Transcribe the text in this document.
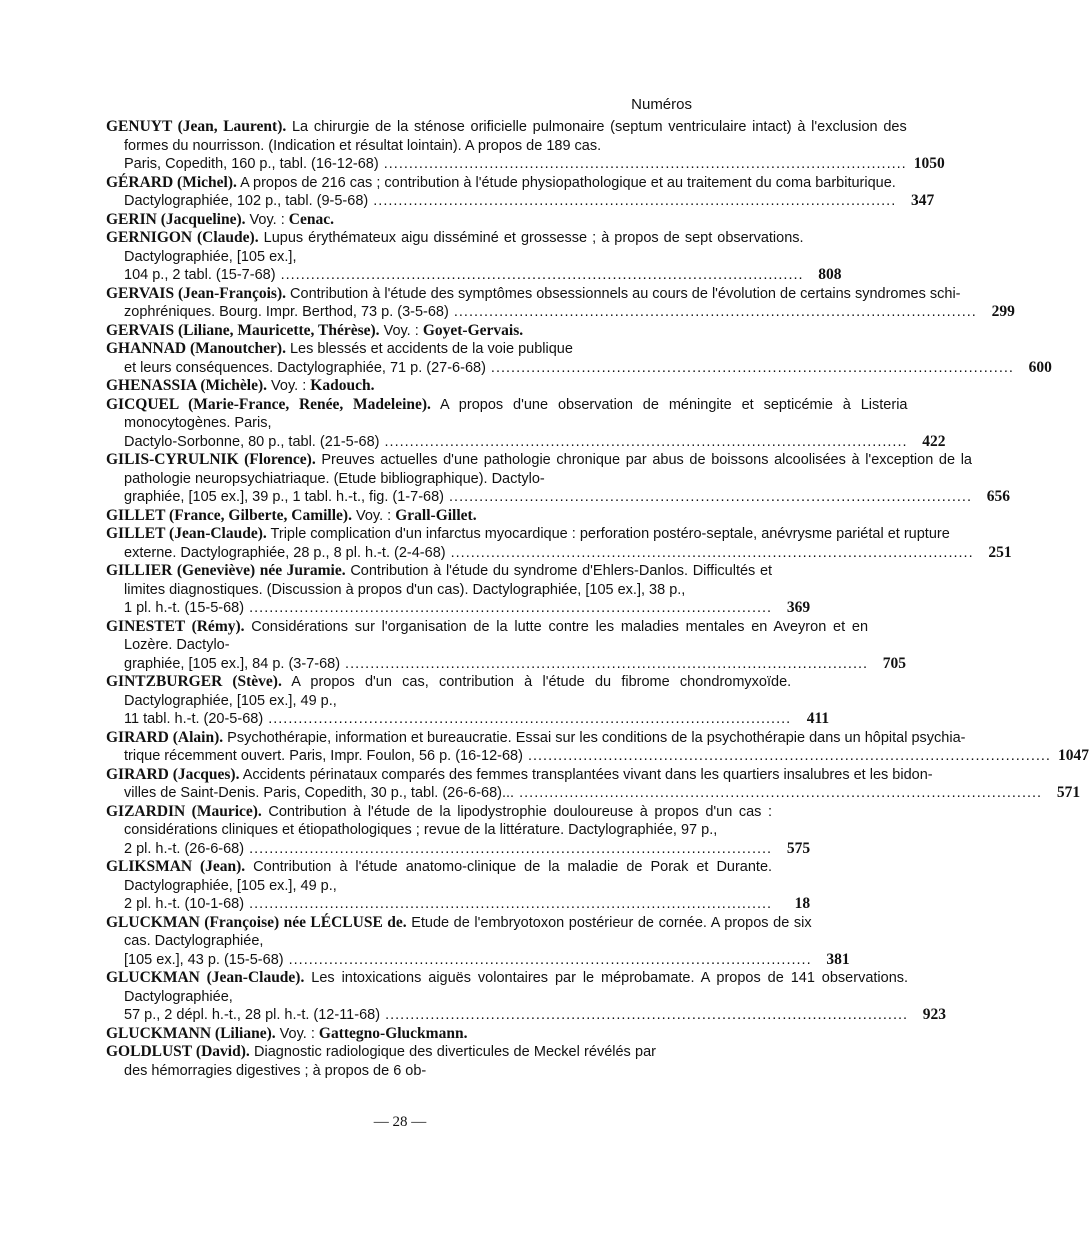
Numéros
GENUYT (Jean, Laurent). La chirurgie de la sténose orificielle pulmonaire (septum ventriculaire intact) à l'exclusion des formes du nourrisson. (Indication et résultat lointain). A propos de 189 cas.
Paris, Copedith, 160 p., tabl. (16-12-68) .....	1050
GÉRARD (Michel). A propos de 216 cas ; contribution à l'étude physiopathologique et au traitement du coma barbiturique.
Dactylographiée, 102 p., tabl. (9-5-68) .....	347
GERIN (Jacqueline). Voy. : Cenac.
GERNIGON (Claude). Lupus érythémateux aigu disséminé et grossesse ; à propos de sept observations. Dactylographiée, [105 ex.],
104 p., 2 tabl. (15-7-68) .....	808
GERVAIS (Jean-François). Contribution à l'étude des symptômes obsessionnels au cours de l'évolution de certains syndromes schi-
zophréniques. Bourg. Impr. Berthod, 73 p. (3-5-68) .....	299
GERVAIS (Liliane, Mauricette, Thérèse). Voy. : Goyet-Gervais.
GHANNAD (Manoutcher). Les blessés et accidents de la voie publique
et leurs conséquences. Dactylographiée, 71 p. (27-6-68) .....	600
GHENASSIA (Michèle). Voy. : Kadouch.
GICQUEL (Marie-France, Renée, Madeleine). A propos d'une observation de méningite et septicémie à Listeria monocytogènes. Paris,
Dactylo-Sorbonne, 80 p., tabl. (21-5-68) .....	422
GILIS-CYRULNIK (Florence). Preuves actuelles d'une pathologie chronique par abus de boissons alcoolisées à l'exception de la pathologie neuropsychiatriaque. (Etude bibliographique). Dactylo-
graphiée, [105 ex.], 39 p., 1 tabl. h.-t., fig. (1-7-68) .....	656
GILLET (France, Gilberte, Camille). Voy. : Grall-Gillet.
GILLET (Jean-Claude). Triple complication d'un infarctus myocardique : perforation postéro-septale, anévrysme pariétal et rupture
externe. Dactylographiée, 28 p., 8 pl. h.-t. (2-4-68) .....	251
GILLIER (Geneviève) née Juramie. Contribution à l'étude du syndrome d'Ehlers-Danlos. Difficultés et limites diagnostiques. (Discussion à propos d'un cas). Dactylographiée, [105 ex.], 38 p.,
1 pl. h.-t. (15-5-68) .....	369
GINESTET (Rémy). Considérations sur l'organisation de la lutte contre les maladies mentales en Aveyron et en Lozère. Dactylo-
graphiée, [105 ex.], 84 p. (3-7-68) .....	705
GINTZBURGER (Stève). A propos d'un cas, contribution à l'étude du fibrome chondromyxoïde. Dactylographiée, [105 ex.], 49 p.,
11 tabl. h.-t. (20-5-68) .....	411
GIRARD (Alain). Psychothérapie, information et bureaucratie. Essai sur les conditions de la psychothérapie dans un hôpital psychia-
trique récemment ouvert. Paris, Impr. Foulon, 56 p. (16-12-68) .....	1047
GIRARD (Jacques). Accidents périnataux comparés des femmes transplantées vivant dans les quartiers insalubres et les bidon-
villes de Saint-Denis. Paris, Copedith, 30 p., tabl. (26-6-68)... .....	571
GIZARDIN (Maurice). Contribution à l'étude de la lipodystrophie douloureuse à propos d'un cas : considérations cliniques et étiopathologiques ; revue de la littérature. Dactylographiée, 97 p.,
2 pl. h.-t. (26-6-68) .....	575
GLIKSMAN (Jean). Contribution à l'étude anatomo-clinique de la maladie de Porak et Durante. Dactylographiée, [105 ex.], 49 p.,
2 pl. h.-t. (10-1-68) .....	18
GLUCKMAN (Françoise) née LÉCLUSE de. Etude de l'embryotoxon postérieur de cornée. A propos de six cas. Dactylographiée,
[105 ex.], 43 p. (15-5-68) .....	381
GLUCKMAN (Jean-Claude). Les intoxications aiguës volontaires par le méprobamate. A propos de 141 observations. Dactylographiée,
57 p., 2 dépl. h.-t., 28 pl. h.-t. (12-11-68) .....	923
GLUCKMANN (Liliane). Voy. : Gattegno-Gluckmann.
GOLDLUST (David). Diagnostic radiologique des diverticules de Meckel révélés par des hémorragies digestives ; à propos de 6 ob-
— 28 —
